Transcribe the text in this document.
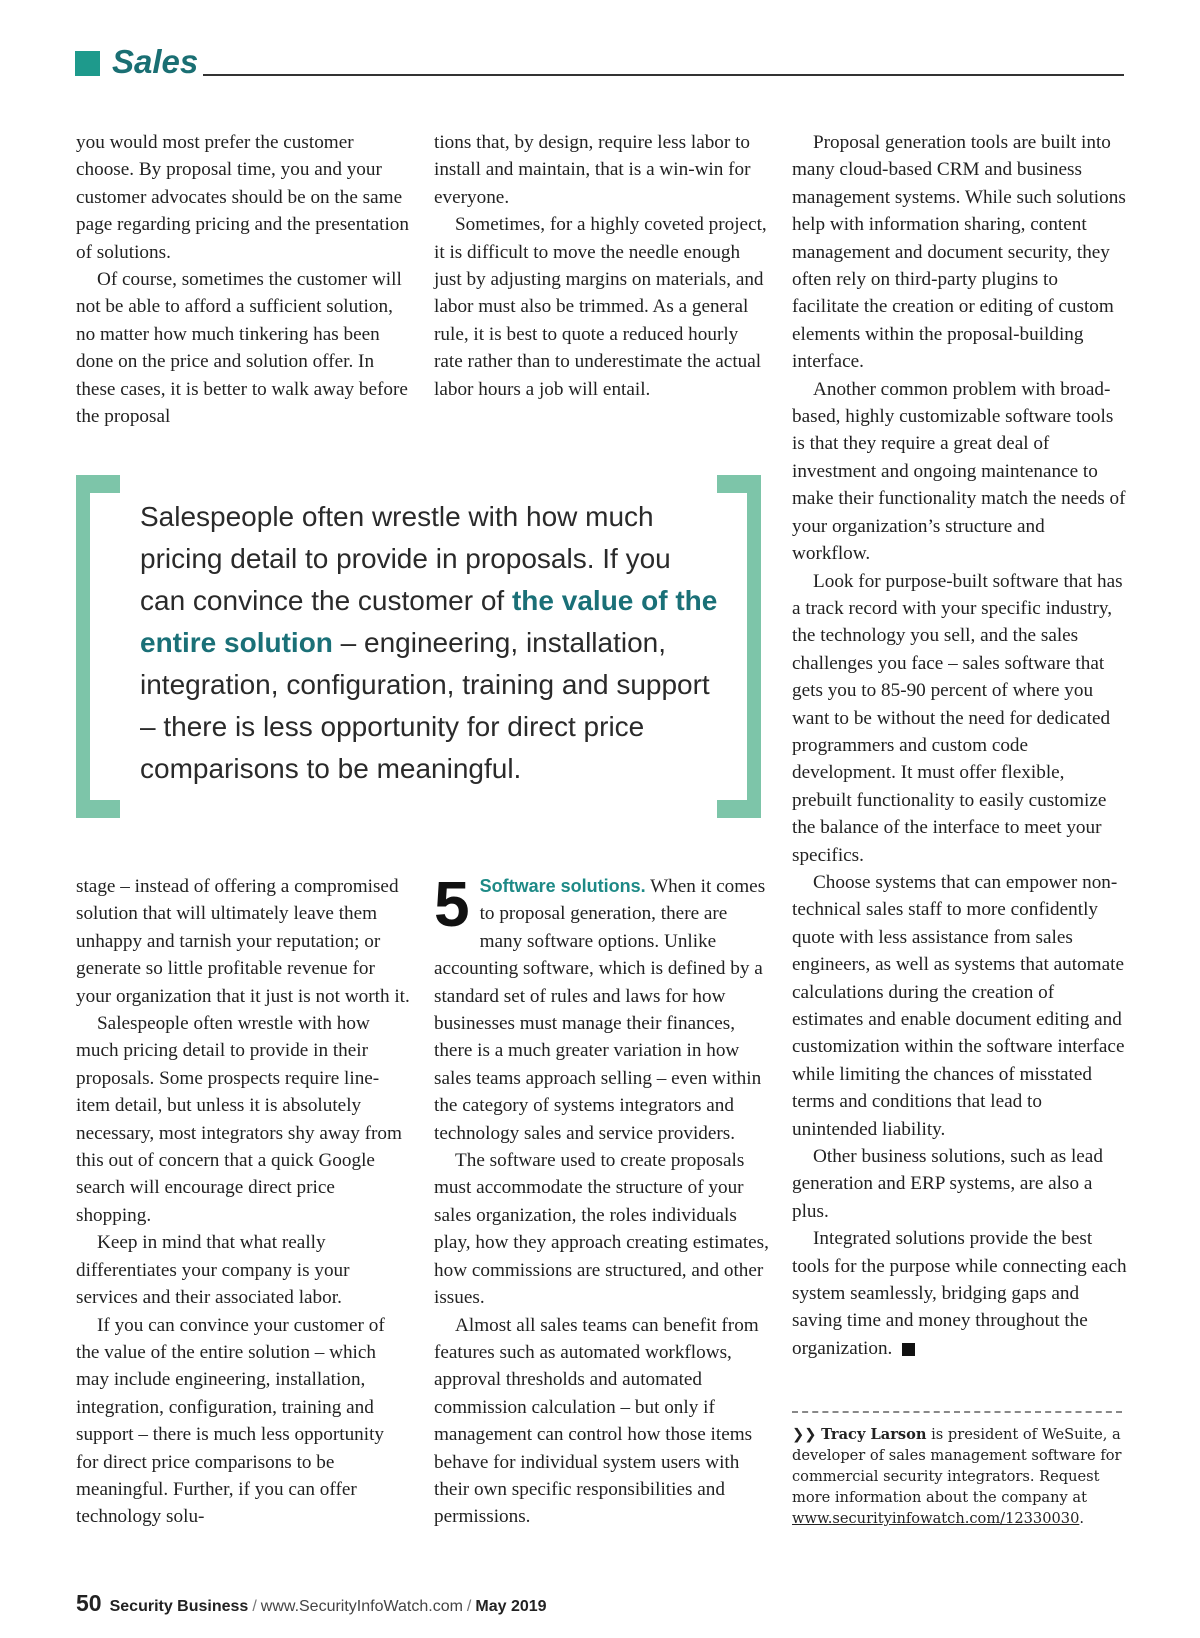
Sales

you would most prefer the customer choose. By proposal time, you and your customer advocates should be on the same page regarding pricing and the presentation of solutions.

Of course, sometimes the customer will not be able to afford a sufficient solution, no matter how much tinkering has been done on the price and solution offer. In these cases, it is better to walk away before the proposal

tions that, by design, require less labor to install and maintain, that is a win-win for everyone.

Sometimes, for a highly coveted project, it is difficult to move the needle enough just by adjusting margins on materials, and labor must also be trimmed. As a general rule, it is best to quote a reduced hourly rate rather than to underestimate the actual labor hours a job will entail.

Salespeople often wrestle with how much pricing detail to provide in proposals. If you can convince the customer of the value of the entire solution – engineering, installation, integration, configuration, training and support – there is less opportunity for direct price comparisons to be meaningful.

stage – instead of offering a compromised solution that will ultimately leave them unhappy and tarnish your reputation; or generate so little profitable revenue for your organization that it just is not worth it.

Salespeople often wrestle with how much pricing detail to provide in their proposals. Some prospects require line-item detail, but unless it is absolutely necessary, most integrators shy away from this out of concern that a quick Google search will encourage direct price shopping.

Keep in mind that what really differentiates your company is your services and their associated labor.

If you can convince your customer of the value of the entire solution – which may include engineering, installation, integration, configuration, training and support – there is much less opportunity for direct price comparisons to be meaningful. Further, if you can offer technology solu-

5 Software solutions. When it comes to proposal generation, there are many software options. Unlike accounting software, which is defined by a standard set of rules and laws for how businesses must manage their finances, there is a much greater variation in how sales teams approach selling – even within the category of systems integrators and technology sales and service providers.

The software used to create proposals must accommodate the structure of your sales organization, the roles individuals play, how they approach creating estimates, how commissions are structured, and other issues.

Almost all sales teams can benefit from features such as automated workflows, approval thresholds and automated commission calculation – but only if management can control how those items behave for individual system users with their own specific responsibilities and permissions.

Proposal generation tools are built into many cloud-based CRM and business management systems. While such solutions help with information sharing, content management and document security, they often rely on third-party plugins to facilitate the creation or editing of custom elements within the proposal-building interface.

Another common problem with broad-based, highly customizable software tools is that they require a great deal of investment and ongoing maintenance to make their functionality match the needs of your organization’s structure and workflow.

Look for purpose-built software that has a track record with your specific industry, the technology you sell, and the sales challenges you face – sales software that gets you to 85-90 percent of where you want to be without the need for dedicated programmers and custom code development. It must offer flexible, prebuilt functionality to easily customize the balance of the interface to meet your specifics.

Choose systems that can empower non-technical sales staff to more confidently quote with less assistance from sales engineers, as well as systems that automate calculations during the creation of estimates and enable document editing and customization within the software interface while limiting the chances of misstated terms and conditions that lead to unintended liability.

Other business solutions, such as lead generation and ERP systems, are also a plus.

Integrated solutions provide the best tools for the purpose while connecting each system seamlessly, bridging gaps and saving time and money throughout the organization.

❯❯ Tracy Larson is president of WeSuite, a developer of sales management software for commercial security integrators. Request more information about the company at www.securityinfowatch.com/12330030.
50 Security Business / www.SecurityInfoWatch.com / May 2019
